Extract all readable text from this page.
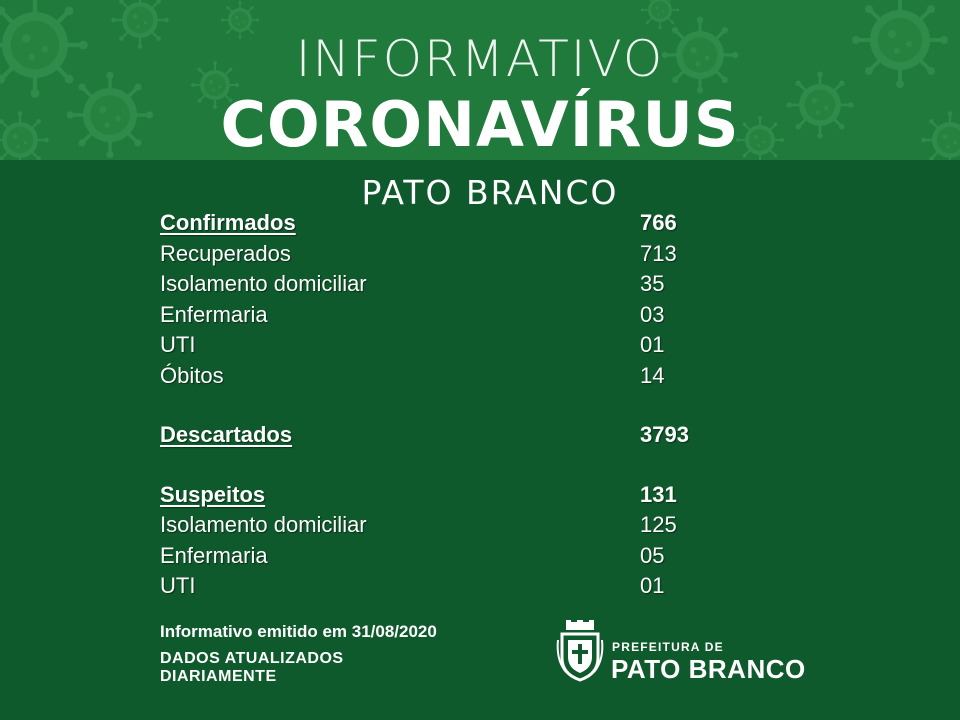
INFORMATIVO
CORONAVÍRUS
PATO BRANCO
Confirmados	766
Recuperados	713
Isolamento domiciliar	35
Enfermaria	03
UTI	01
Óbitos	14
Descartados	3793
Suspeitos	131
Isolamento domiciliar	125
Enfermaria	05
UTI	01
Informativo emitido em 31/08/2020
DADOS ATUALIZADOS
DIARIAMENTE
PREFEITURA DE
PATO BRANCO
